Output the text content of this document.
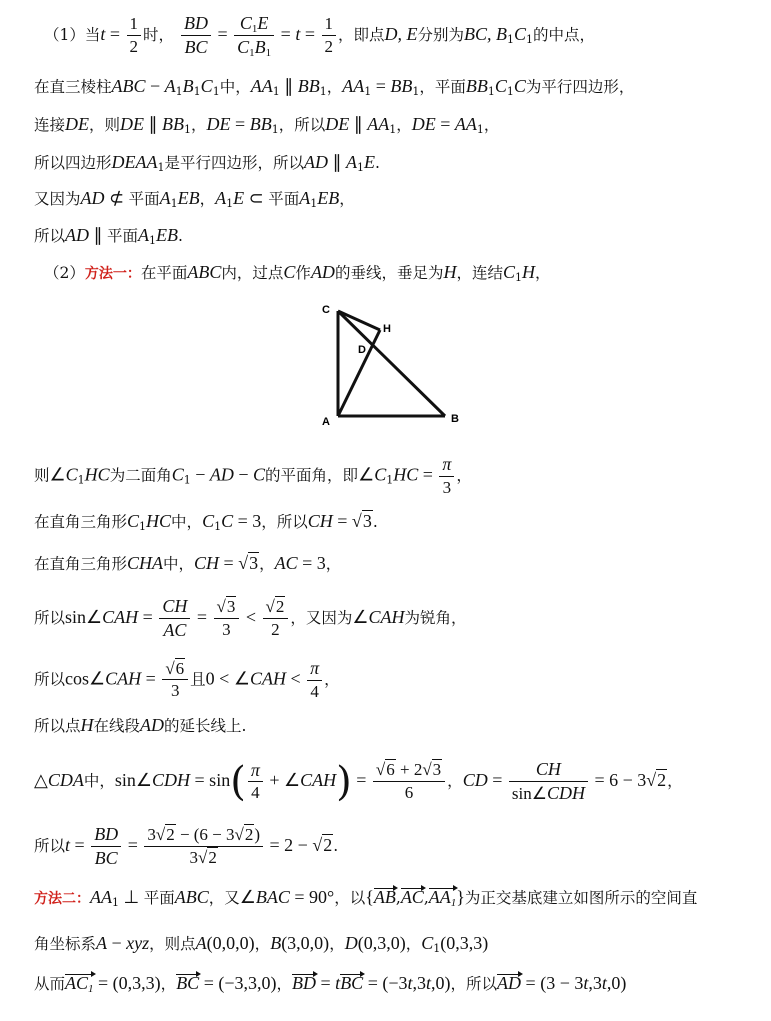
（1）当$t = \frac{1}{2}$ 时， $\frac{BD}{BC} = \frac{C_1E}{C_1B_1} = t = \frac{1}{2}$ ，即点D, E分别为BC, $B_1C_1$的中点，
在直三棱柱ABC − $A_1B_1C_1$中，$AA_1$ ∥ $BB_1$，$AA_1 = BB_1$，平面$BB_1C_1C$为平行四边形，
连接DE，则DE ∥ $BB_1$，DE = $BB_1$，所以DE ∥ $AA_1$，DE = $AA_1$，
所以四边形$DEAA_1$是平行四边形，所以AD ∥ $A_1E$.
又因为AD ⊄ 平面$A_1EB$，$A_1E$ ⊂ 平面$A_1EB$，
所以AD ∥ 平面$A_1EB$.
（2）方法一：在平面ABC内，过点C作AD的垂线，垂足为H，连结$C_1H$，
C
H
D
A	B
则$\angle C_1HC$为二面角$C_1$ − AD − C的平面角，即$\angle C_1HC = \frac{\pi}{3}$ ，
在直角三角形$C_1HC$中，$C_1C = 3$，所以CH = √3.
在直角三角形CHA中，CH = √3，AC = 3，
所以sin∠CAH = $\frac{CH}{AC} = \frac{√3}{3} < \frac{√2}{2}$ ，又因为∠CAH为锐角，
所以cos∠CAH = $\frac{√6}{3}$ 且0 < ∠CAH < $\frac{\pi}{4}$ ，
所以点H在线段AD的延长线上.
△CDA中，sin∠CDH = $\sin( \frac{\pi}{4}$ + ∠CAH) = $\frac{√6 + 2√3}{6}$ ，CD = $\frac{CH}{\text{sin∠CDH}} = 6 - 3√2$，
所以$t = \frac{BD}{BC} = \frac{3√2 - (6 - 3√2)}{3√2} = 2 - √2$.
方法二：$AA_1$ ⊥ 平面ABC，又∠BAC = 90°，以$\{AB,AC,AA_1\}$为正交基底建立如图所示的空间直
角坐标系A − xyz，则点A(0,0,0)，B(3,0,0)，D(0,3,0)，$C_1(0,3,3)$
从而$AC_1 = (0,3,3)$，BC = (−3,3,0)，BD = tBC = (−3t,3t,0)，所以AD = (3 − 3t,3t,0)
